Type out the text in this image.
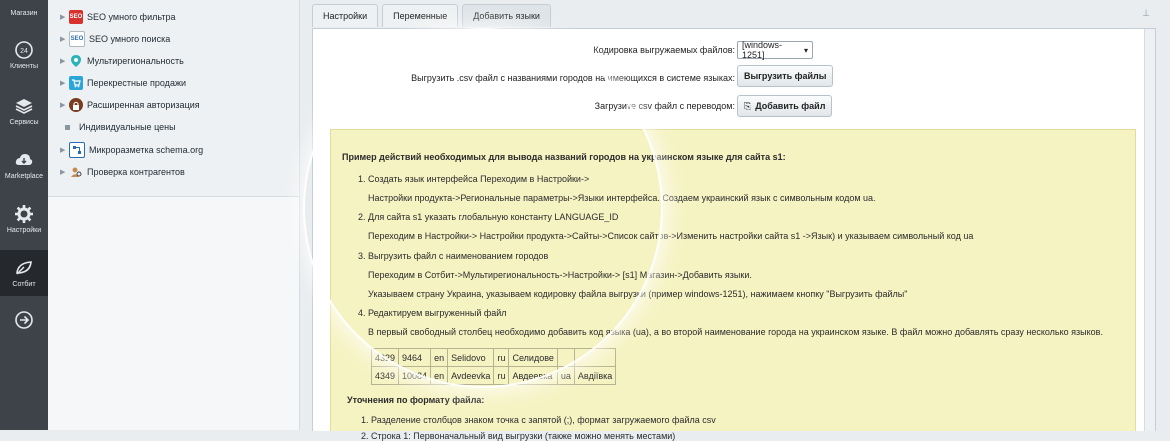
Магазин
24
Клиенты
Сервисы
Marketplace
Настройки
Сотбит
▶ SEO SEO умного фильтра
▶ SEO SEO умного поиска
▶ Мультирегиональность
▶ Перекрестные продажи
▶ Расширенная авторизация
Индивидуальные цены
▶	Микроразметка schema.org
▶ Проверка контрагентов
Настройки	Переменные	Добавить языки	⊥
Кодировка выгружаемых файлов: [windows-1251]	▾
Выгрузить .csv файл с названиями городов на имеющихся в системе языках:	Выгрузить файлы
Загрузите csv файл с переводом: ⎘ Добавить файл
Пример действий необходимых для вывода названий городов на украинском языке для сайта s1:
1. Создать язык интерфейса Переходим в Настройки->
Настройки продукта->Региональные параметры->Языки интерфейса. Создаем украинский язык с символьным кодом ua.
2. Для сайта s1 указать глобальную константу LANGUAGE_ID
Переходим в Настройки-> Настройки продукта->Сайты->Список сайтов->Изменить настройки сайта s1 ->Язык) и указываем символьный код ua
3. Выгрузить файл с наименованием городов
Переходим в Сотбит->Мультирегиональность->Настройки-> [s1] Магазин->Добавить языки.
Указываем страну Украина, указываем кодировку файла выгрузки (пример windows-1251), нажимаем кнопку "Выгрузить файлы"
4. Редактируем выгруженный файл
В первый свободный столбец необходимо добавить код языка (ua), а во второй наименование города на украинском языке. В файл можно добавлять сразу несколько языков.
4329	9464	en	Selidovo	ru	Селидове		
4349	10084	en	Avdeevka	ru	Авдеевка	ua	Авдіївка
Уточнения по формату файла:
1. Разделение столбцов знаком точка с запятой (;), формат загружаемого файла csv
2. Строка 1: Первоначальный вид выгрузки (также можно менять местами)
